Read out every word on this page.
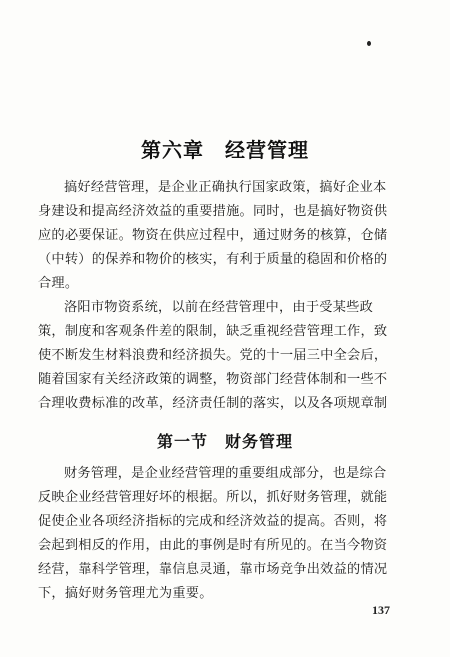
第六章　经营管理
搞好经营管理，是企业正确执行国家政策，搞好企业本
身建设和提高经济效益的重要措施。同时，也是搞好物资供
应的必要保证。物资在供应过程中，通过财务的核算，仓储
（中转）的保养和物价的核实，有利于质量的稳固和价格的
合理。
洛阳市物资系统，以前在经营管理中，由于受某些政
策，制度和客观条件差的限制，缺乏重视经营管理工作，致
使不断发生材料浪费和经济损失。党的十一届三中全会后，
随着国家有关经济政策的调整，物资部门经营体制和一些不
合理收费标准的改革，经济责任制的落实，以及各项规章制
第一节　财务管理
财务管理，是企业经营管理的重要组成部分，也是综合
反映企业经营管理好坏的根据。所以，抓好财务管理，就能
促使企业各项经济指标的完成和经济效益的提高。否则，将
会起到相反的作用，由此的事例是时有所见的。在当今物资
经营，靠科学管理，靠信息灵通，靠市场竞争出效益的情况
下，搞好财务管理尤为重要。
137
